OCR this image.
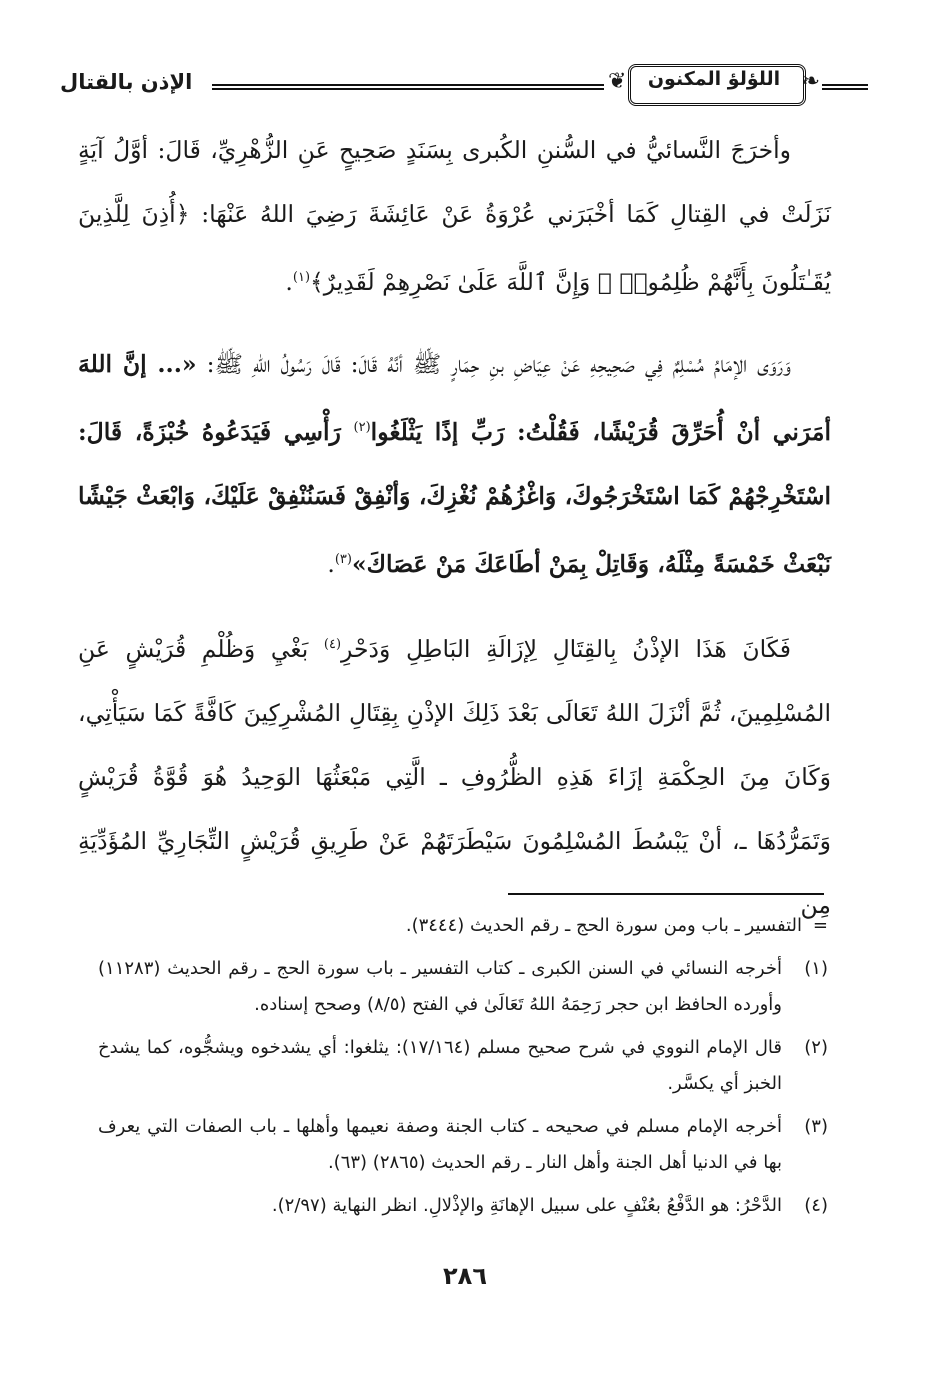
الإذن بالقتال	❦	اللؤلؤ المكنون ❧

وأخرَجَ النَّسائيُّ في السُّننِ الكُبرى بِسَنَدٍ صَحِيحٍ عَنِ الزُّهْرِيِّ، قَالَ: أوَّلُ آيَةٍ نَزَلَتْ في القِتالِ كَمَا أخْبَرَني عُرْوَةُ عَنْ عَائِشَةَ رَضِيَ اللهُ عَنْهَا: ﴿أُذِنَ لِلَّذِينَ يُقَـٰتَلُونَ بِأَنَّهُمْ ظُلِمُوا۟ ۚ وَإِنَّ ٱللَّهَ عَلَىٰ نَصْرِهِمْ لَقَدِيرٌ﴾$^{(١)}$.

وَرَوَى الإمَامُ مُسْلِمٌ فِي صَحِيحِهِ عَنْ عِيَاضِ بنِ حِمَارٍ ﷺ أنَّهُ قَالَ: قَالَ رَسُولُ اللهِ ﷺ: «... إنَّ اللهَ أمَرَني أنْ أُحَرِّقَ قُرَيْشًا، فَقُلْتُ: رَبِّ إذًا يَثْلَغُوا$^{(٢)}$ رَأْسِي فَيَدَعُوهُ خُبْزَةً، قَالَ: اسْتَخْرِجْهُمْ كَمَا اسْتَخْرَجُوكَ، وَاغْزُهُمْ نُغْزِكَ، وَأنْفِقْ فَسَنُنْفِقْ عَلَيْكَ، وَابْعَثْ جَيْشًا نَبْعَثْ خَمْسَةً مِثْلَهُ، وَقَاتِلْ بِمَنْ أطَاعَكَ مَنْ عَصَاكَ»$^{(٣)}$.

فَكَانَ هَذَا الإذْنُ بِالقِتَالِ لِإزَالَةِ البَاطِلِ وَدَحْرِ$^{(٤)}$ بَغْيِ وَظُلْمِ قُرَيْشٍ عَنِ المُسْلِمِينَ، ثُمَّ أنْزَلَ اللهُ تَعَالَى بَعْدَ ذَلِكَ الإذْنِ بِقِتَالِ المُشْرِكِينَ كَافَّةً كَمَا سَيَأْتِي، وَكَانَ مِنَ الحِكْمَةِ إزَاءَ هَذِهِ الظُّرُوفِ ـ الَّتِي مَبْعَثُهَا الوَحِيدُ هُوَ قُوَّةُ قُرَيْشٍ وَتَمَرُّدُهَا ـ، أنْ يَبْسُطَ المُسْلِمُونَ سَيْطَرَتَهُمْ عَنْ طَرِيقِ قُرَيْشٍ التِّجَارِيِّ المُؤَدِّيَةِ مِن

=
التفسير ـ باب ومن سورة الحج ـ رقم الحديث (٣٤٤٤).
(١)
أخرجه النسائي في السنن الكبرى ـ كتاب التفسير ـ باب سورة الحج ـ رقم الحديث (١١٢٨٣) وأورده الحافظ ابن حجر رَحِمَهُ اللهُ تَعَالَىٰ في الفتح (٨/٥) وصحح إسناده.
(٢)
قال الإمام النووي في شرح صحيح مسلم (١٧/١٦٤): يثلغوا: أي يشدخوه ويشجُّوه، كما يشدخ الخبز أي يكسَّر.
(٣)
أخرجه الإمام مسلم في صحيحه ـ كتاب الجنة وصفة نعيمها وأهلها ـ باب الصفات التي يعرف بها في الدنيا أهل الجنة وأهل النار ـ رقم الحديث (٢٨٦٥) (٦٣).
(٤)
الدَّحْرُ: هو الدَّفْعُ بعُنْفٍ على سبيل الإهانَةِ والإذْلالِ. انظر النهاية (٢/٩٧).
٢٨٦
